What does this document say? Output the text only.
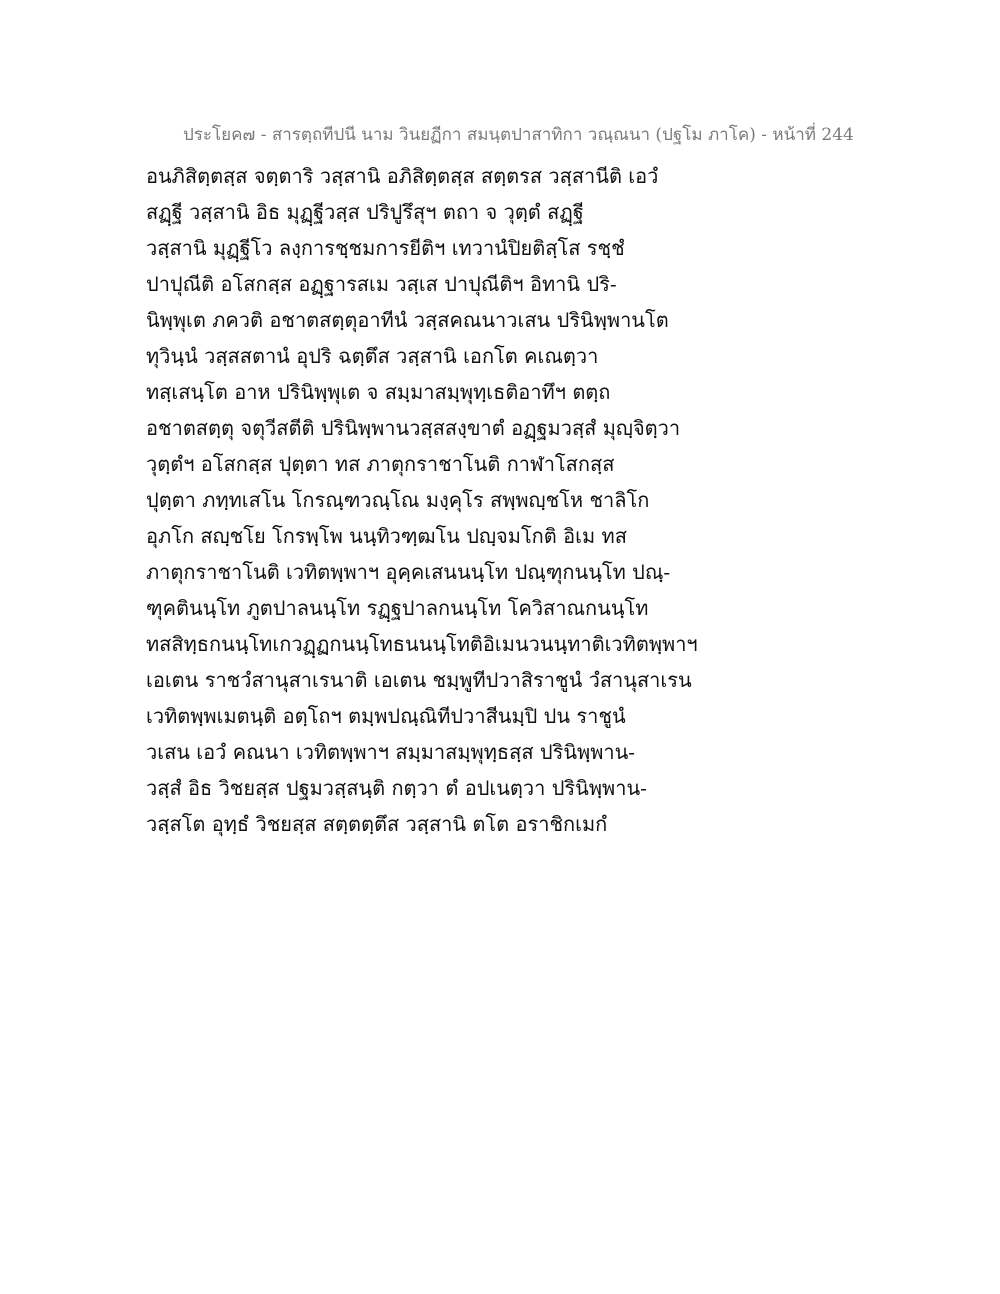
ประโยค๗ - สารตฺถทีปนี นาม วินยฏีกา สมนฺตปาสาทิกา วณฺณนา (ปฐโม ภาโค) - หน้าที่ 244
อนภิสิตฺตสฺส จตฺตาริ วสฺสานิ อภิสิตฺตสฺส สตฺตรส วสฺสานีติ เอวํ
สฏฺฐี วสฺสานิ อิธ มุฏฺฐีวสฺส ปริปูรึสุฯ ตถา จ วุตฺตํ สฏฺฐี
วสฺสานิ มุฏฺฐีโว ลงฺการชฺชมการยีติฯ เทวานํปิยติสฺโส รชฺชํ
ปาปุณีติ อโสกสฺส อฏฺฐารสเม วสฺเส ปาปุณีติฯ อิทานิ ปริ-
นิพฺพุเต ภควติ อชาตสตฺตุอาทีนํ วสฺสคณนาวเสน ปรินิพฺพานโต
ทุวินฺนํ วสฺสสตานํ อุปริ ฉตฺตึส วสฺสานิ เอกโต คเณตฺวา
ทสฺเสนฺโต อาห ปรินิพฺพุเต จ สมฺมาสมฺพุทฺเธติอาทึฯ ตตฺถ
อชาตสตฺตุ จตุวีสตีติ ปรินิพฺพานวสฺสสงฺขาตํ อฏฺฐมวสฺสํ มุญฺจิตฺวา
วุตฺตํฯ อโสกสฺส ปุตฺตา ทส ภาตุกราชาโนติ กาฬาโสกสฺส
ปุตฺตา ภทฺทเสโน โกรณฺฑวณฺโณ มงฺคุโร สพฺพญฺชโห ชาลิโก
อุภโก สญฺชโย โกรพฺโพ นนฺทิวฑฺฒโน ปญฺจมโกติ อิเม ทส
ภาตุกราชาโนติ เวทิตพฺพาฯ อุคฺคเสนนนฺโท ปณฺฑุกนนฺโท ปณฺ-
ฑุคตินนฺโท ภูตปาลนนฺโท รฏฺฐปาลกนนฺโท โควิสาณกนนฺโท
ทสสิทฺธกนนฺโทเกวฏฺฏกนนฺโทธนนนฺโทติอิเมนวนนฺทาติเวทิตพฺพาฯ
เอเตน ราชวํสานุสาเรนาติ เอเตน ชมฺพูทีปวาสิราชูนํ วํสานุสาเรน
เวทิตพฺพเมตนฺติ อตฺโถฯ ตมฺพปณฺณิทีปวาสีนมฺปิ ปน ราชูนํ
วเสน เอวํ คณนา เวทิตพฺพาฯ สมฺมาสมฺพุทฺธสฺส ปรินิพฺพาน-
วสฺสํ อิธ วิชยสฺส ปฐมวสฺสนฺติ กตฺวา ตํ อปเนตฺวา ปรินิพฺพาน-
วสฺสโต อุทฺธํ วิชยสฺส สตฺตตฺตึส วสฺสานิ ตโต อราชิกเมกํ
